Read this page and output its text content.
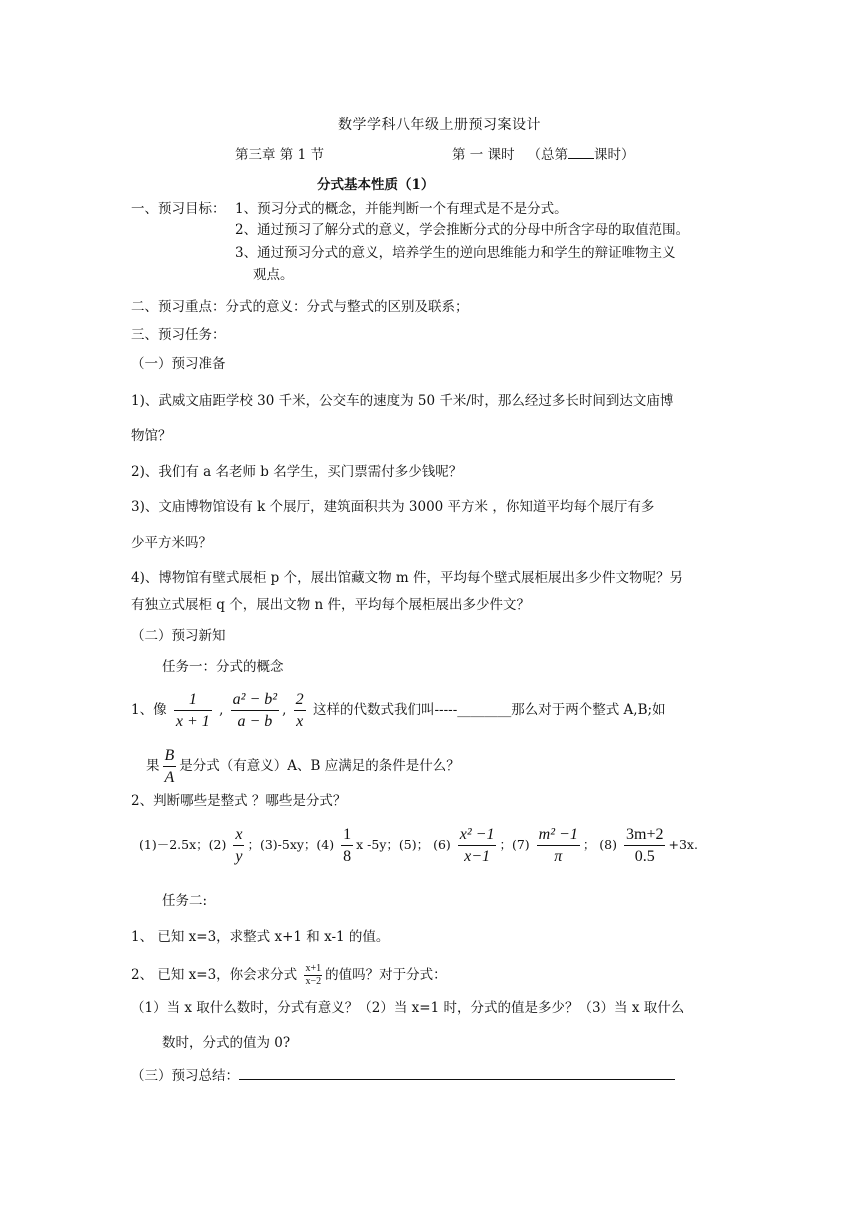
数学学科八年级上册预习案设计
第三章 第 1 节	第 一 课时 （总第 课时）
分式基本性质（1）
一、预习目标： 1、预习分式的概念，并能判断一个有理式是不是分式。
2、通过预习了解分式的意义，学会推断分式的分母中所含字母的取值范围。
3、通过预习分式的意义，培养学生的逆向思维能力和学生的辩证唯物主义
观点。
二、预习重点：分式的意义：分式与整式的区别及联系；
三、预习任务：
（一）预习准备
1)、武威文庙距学校 30 千米，公交车的速度为 50 千米/时，那么经过多长时间到达文庙博
物馆？
2)、我们有 a 名老师 b 名学生，买门票需付多少钱呢？
3)、文庙博物馆设有 k 个展厅，建筑面积共为 3000 平方米 ，你知道平均每个展厅有多
少平方米吗？
4)、博物馆有壁式展柜 p 个，展出馆藏文物 m 件，平均每个壁式展柜展出多少件文物呢？另
有独立式展柜 q 个，展出文物 n 件，平均每个展柜展出多少件文？
（二）预习新知
任务一：分式的概念
1、像 $\frac{1}{x + 1}$ , $\frac{\text{a² − b²}}{a - b}$ , $\frac{2}{x}$ 这样的代数式我们叫-----________那么对于两个整式 A,B;如
果 $\frac{B}{A}$ 是分式（有意义）A、B 应满足的条件是什么？
2、判断哪些是整式 ？哪些是分式？
(1)－2.5x；$(2) \frac{x}{y}$ ；(3)-5xy；$(4) \frac{1}{8}$ x -5y；(5)； $(6) \frac{\text{x² −1}}{x-1}$ ；$(7) \frac{\text{m² −1}}{\pi}$ ； $(8) \frac{3m+2}{0.5} +3x$.
任务二:
1、 已知 x=3，求整式 x+1 和 x-1 的值。
2、 已知 x=3，你会求分式 $\frac{x+1}{x-2}$ 的值吗？对于分式：
（1）当 x 取什么数时，分式有意义？（2）当 x=1 时，分式的值是多少？（3）当 x 取什么
数时，分式的值为 0?
（三）预习总结：
